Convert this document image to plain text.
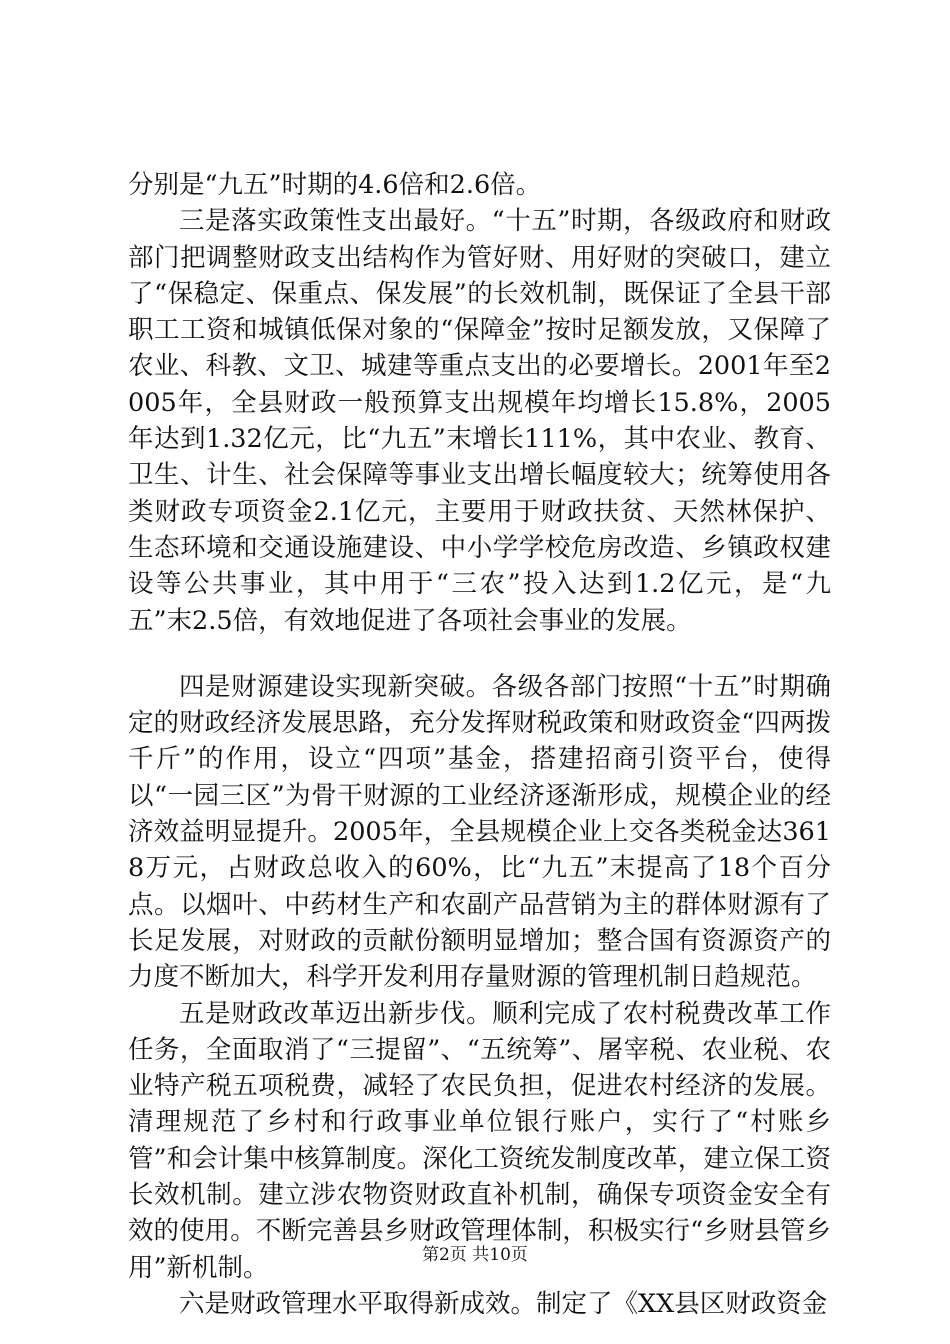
分别是“九五”时期的4.6倍和2.6倍。

三是落实政策性支出最好。“十五”时期，各级政府和财政部门把调整财政支出结构作为管好财、用好财的突破口，建立了“保稳定、保重点、保发展”的长效机制，既保证了全县干部职工工资和城镇低保对象的“保障金”按时足额发放，又保障了农业、科教、文卫、城建等重点支出的必要增长。2001年至2005年，全县财政一般预算支出规模年均增长15.8%，2005年达到1.32亿元，比“九五”末增长111%，其中农业、教育、卫生、计生、社会保障等事业支出增长幅度较大；统筹使用各类财政专项资金2.1亿元，主要用于财政扶贫、天然林保护、生态环境和交通设施建设、中小学学校危房改造、乡镇政权建设等公共事业，其中用于“三农”投入达到1.2亿元，是“九五”末2.5倍，有效地促进了各项社会事业的发展。

四是财源建设实现新突破。各级各部门按照“十五”时期确定的财政经济发展思路，充分发挥财税政策和财政资金“四两拨千斤”的作用，设立“四项”基金，搭建招商引资平台，使得以“一园三区”为骨干财源的工业经济逐渐形成，规模企业的经济效益明显提升。2005年，全县规模企业上交各类税金达3618万元，占财政总收入的60%，比“九五”末提高了18个百分点。以烟叶、中药材生产和农副产品营销为主的群体财源有了长足发展，对财政的贡献份额明显增加；整合国有资源资产的力度不断加大，科学开发利用存量财源的管理机制日趋规范。

五是财政改革迈出新步伐。顺利完成了农村税费改革工作任务，全面取消了“三提留”、“五统筹”、屠宰税、农业税、农业特产税五项税费，减轻了农民负担，促进农村经济的发展。清理规范了乡村和行政事业单位银行账户，实行了“村账乡管”和会计集中核算制度。深化工资统发制度改革，建立保工资长效机制。建立涉农物资财政直补机制，确保专项资金安全有效的使用。不断完善县乡财政管理体制，积极实行“乡财县管乡用”新机制。

六是财政管理水平取得新成效。制定了《XX县区财政资金

第2页 共10页
